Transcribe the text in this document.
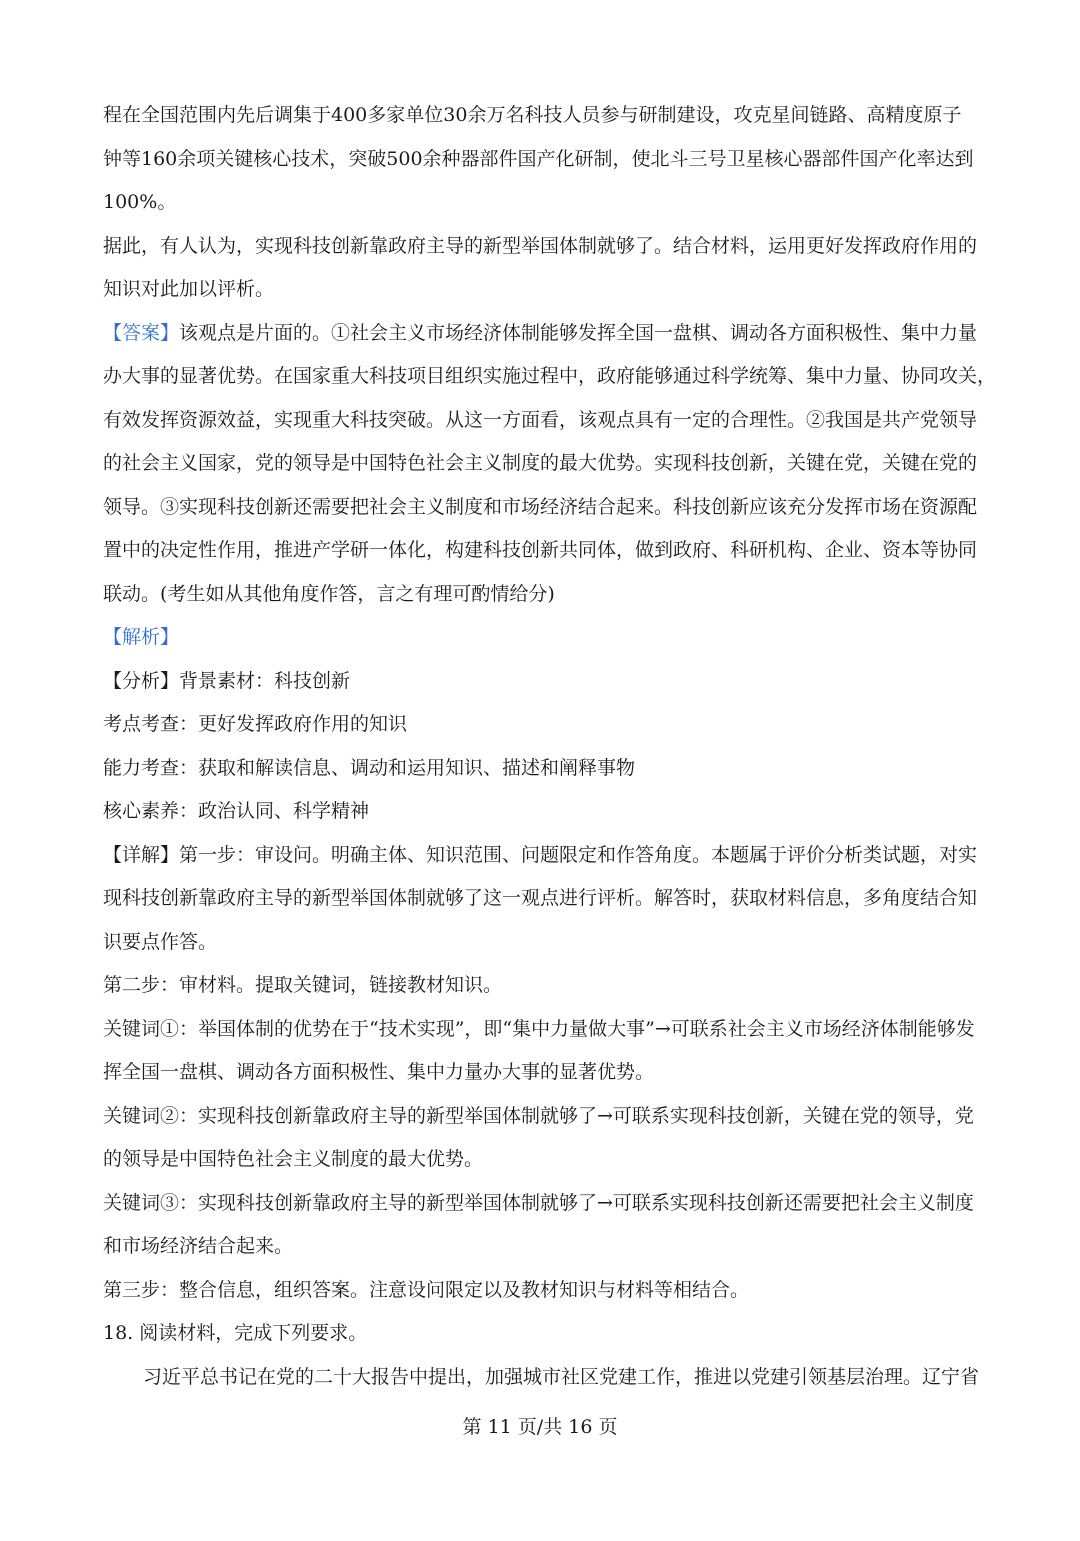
程在全国范围内先后调集于400多家单位30余万名科技人员参与研制建设，攻克星间链路、高精度原子
钟等160余项关键核心技术，突破500余种器部件国产化研制，使北斗三号卫星核心器部件国产化率达到
100%。

据此，有人认为，实现科技创新靠政府主导的新型举国体制就够了。结合材料，运用更好发挥政府作用的
知识对此加以评析。

【答案】该观点是片面的。①社会主义市场经济体制能够发挥全国一盘棋、调动各方面积极性、集中力量
办大事的显著优势。在国家重大科技项目组织实施过程中，政府能够通过科学统筹、集中力量、协同攻关，
有效发挥资源效益，实现重大科技突破。从这一方面看，该观点具有一定的合理性。②我国是共产党领导
的社会主义国家，党的领导是中国特色社会主义制度的最大优势。实现科技创新，关键在党，关键在党的
领导。③实现科技创新还需要把社会主义制度和市场经济结合起来。科技创新应该充分发挥市场在资源配
置中的决定性作用，推进产学研一体化，构建科技创新共同体，做到政府、科研机构、企业、资本等协同
联动。(考生如从其他角度作答，言之有理可酌情给分)

【解析】

【分析】背景素材：科技创新
考点考查：更好发挥政府作用的知识
能力考查：获取和解读信息、调动和运用知识、描述和阐释事物
核心素养：政治认同、科学精神

【详解】第一步：审设问。明确主体、知识范围、问题限定和作答角度。本题属于评价分析类试题，对实
现科技创新靠政府主导的新型举国体制就够了这一观点进行评析。解答时，获取材料信息，多角度结合知
识要点作答。

第二步：审材料。提取关键词，链接教材知识。

关键词①：举国体制的优势在于“技术实现”，即“集中力量做大事”→可联系社会主义市场经济体制能够发
挥全国一盘棋、调动各方面积极性、集中力量办大事的显著优势。

关键词②：实现科技创新靠政府主导的新型举国体制就够了→可联系实现科技创新，关键在党的领导，党
的领导是中国特色社会主义制度的最大优势。

关键词③：实现科技创新靠政府主导的新型举国体制就够了→可联系实现科技创新还需要把社会主义制度
和市场经济结合起来。

第三步：整合信息，组织答案。注意设问限定以及教材知识与材料等相结合。

18. 阅读材料，完成下列要求。

习近平总书记在党的二十大报告中提出，加强城市社区党建工作，推进以党建引领基层治理。辽宁省

第 11 页/共 16 页
